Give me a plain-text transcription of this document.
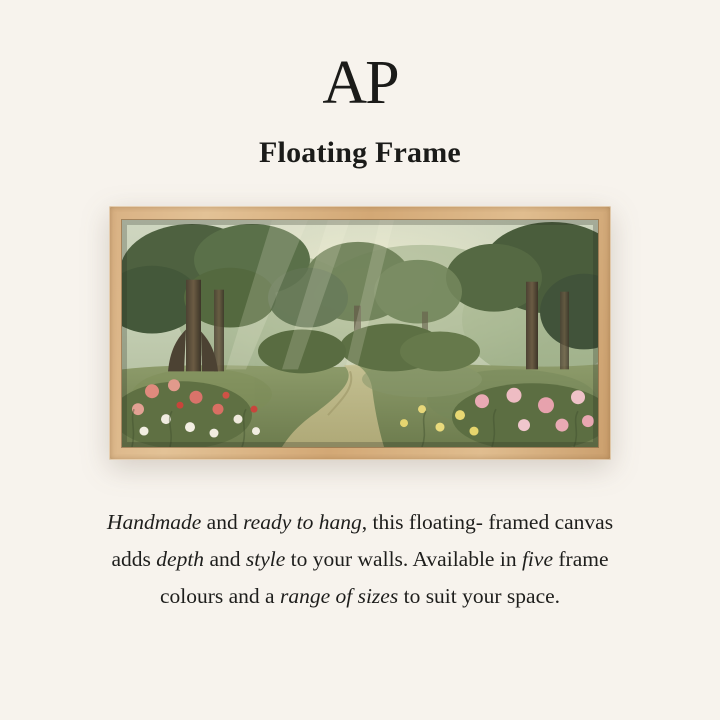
AP
Floating Frame

Handmade and ready to hang, this floating- framed canvas adds depth and style to your walls. Available in five frame colours and a range of sizes to suit your space.
